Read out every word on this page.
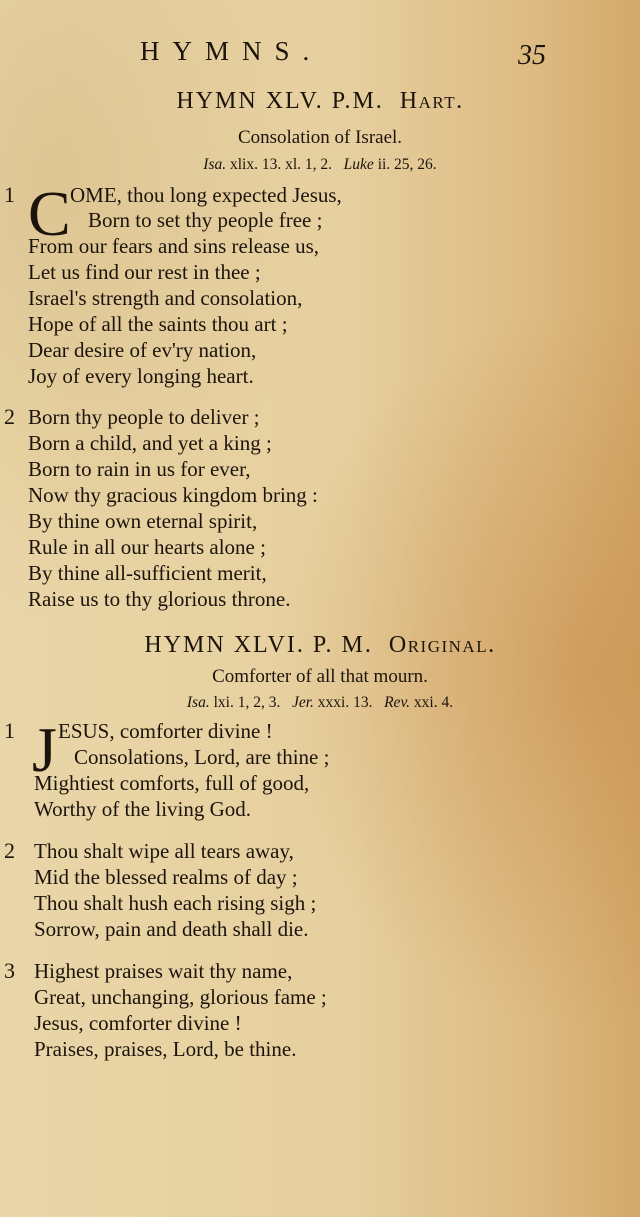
HYMNS.	35
HYMN XLV. P.M. Hart.
Consolation of Israel.
Isa. xlix. 13. xl. 1, 2. Luke ii. 25, 26.
1 C OME, thou long expected Jesus,
Born to set thy people free ;
From our fears and sins release us,
Let us find our rest in thee ;
Israel's strength and consolation,
Hope of all the saints thou art ;
Dear desire of ev'ry nation,
Joy of every longing heart.
2 Born thy people to deliver ;
Born a child, and yet a king ;
Born to rain in us for ever,
Now thy gracious kingdom bring :
By thine own eternal spirit,
Rule in all our hearts alone ;
By thine all-sufficient merit,
Raise us to thy glorious throne.
HYMN XLVI. P. M. Original.
Comforter of all that mourn.
Isa. lxi. 1, 2, 3. Jer. xxxi. 13. Rev. xxi. 4.
1 J ESUS, comforter divine !
Consolations, Lord, are thine ;
Mightiest comforts, full of good,
Worthy of the living God.
2 Thou shalt wipe all tears away,
Mid the blessed realms of day ;
Thou shalt hush each rising sigh ;
Sorrow, pain and death shall die.
3 Highest praises wait thy name,
Great, unchanging, glorious fame ;
Jesus, comforter divine !
Praises, praises, Lord, be thine.
